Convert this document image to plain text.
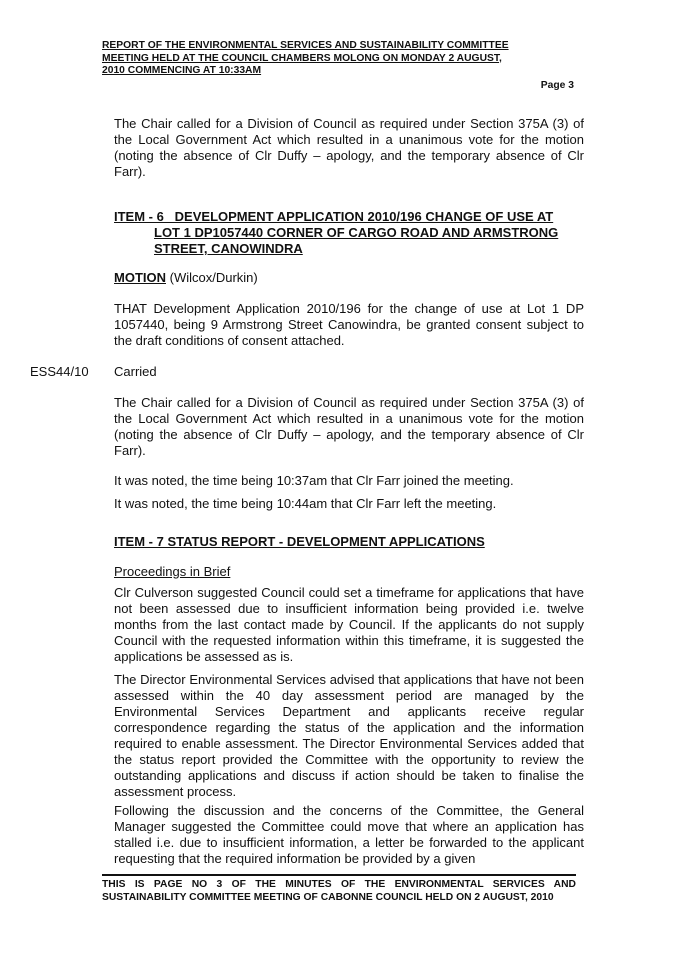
REPORT OF THE ENVIRONMENTAL SERVICES AND SUSTAINABILITY COMMITTEE
MEETING HELD AT THE COUNCIL CHAMBERS MOLONG ON MONDAY 2 AUGUST,
2010 COMMENCING AT 10:33AM
Page 3
The Chair called for a Division of Council as required under Section 375A (3) of the Local Government Act which resulted in a unanimous vote for the motion (noting the absence of Clr Duffy – apology, and the temporary absence of Clr Farr).
ITEM - 6   DEVELOPMENT APPLICATION 2010/196 CHANGE OF USE AT
LOT 1 DP1057440 CORNER OF CARGO ROAD AND ARMSTRONG
STREET, CANOWINDRA
MOTION (Wilcox/Durkin)
THAT Development Application 2010/196 for the change of use at Lot 1 DP 1057440, being 9 Armstrong Street Canowindra, be granted consent subject to the draft conditions of consent attached.
ESS44/10 Carried
The Chair called for a Division of Council as required under Section 375A (3) of the Local Government Act which resulted in a unanimous vote for the motion (noting the absence of Clr Duffy – apology, and the temporary absence of Clr Farr).
It was noted, the time being 10:37am that Clr Farr joined the meeting.
It was noted, the time being 10:44am that Clr Farr left the meeting.
ITEM - 7 STATUS REPORT - DEVELOPMENT APPLICATIONS
Proceedings in Brief
Clr Culverson suggested Council could set a timeframe for applications that have not been assessed due to insufficient information being provided i.e. twelve months from the last contact made by Council. If the applicants do not supply Council with the requested information within this timeframe, it is suggested the applications be assessed as is.
The Director Environmental Services advised that applications that have not been assessed within the 40 day assessment period are managed by the Environmental Services Department and applicants receive regular correspondence regarding the status of the application and the information required to enable assessment. The Director Environmental Services added that the status report provided the Committee with the opportunity to review the outstanding applications and discuss if action should be taken to finalise the assessment process.
Following the discussion and the concerns of the Committee, the General Manager suggested the Committee could move that where an application has stalled i.e. due to insufficient information, a letter be forwarded to the applicant requesting that the required information be provided by a given
THIS IS PAGE NO 3 OF THE MINUTES OF THE ENVIRONMENTAL SERVICES AND SUSTAINABILITY COMMITTEE MEETING OF CABONNE COUNCIL HELD ON 2 AUGUST, 2010
